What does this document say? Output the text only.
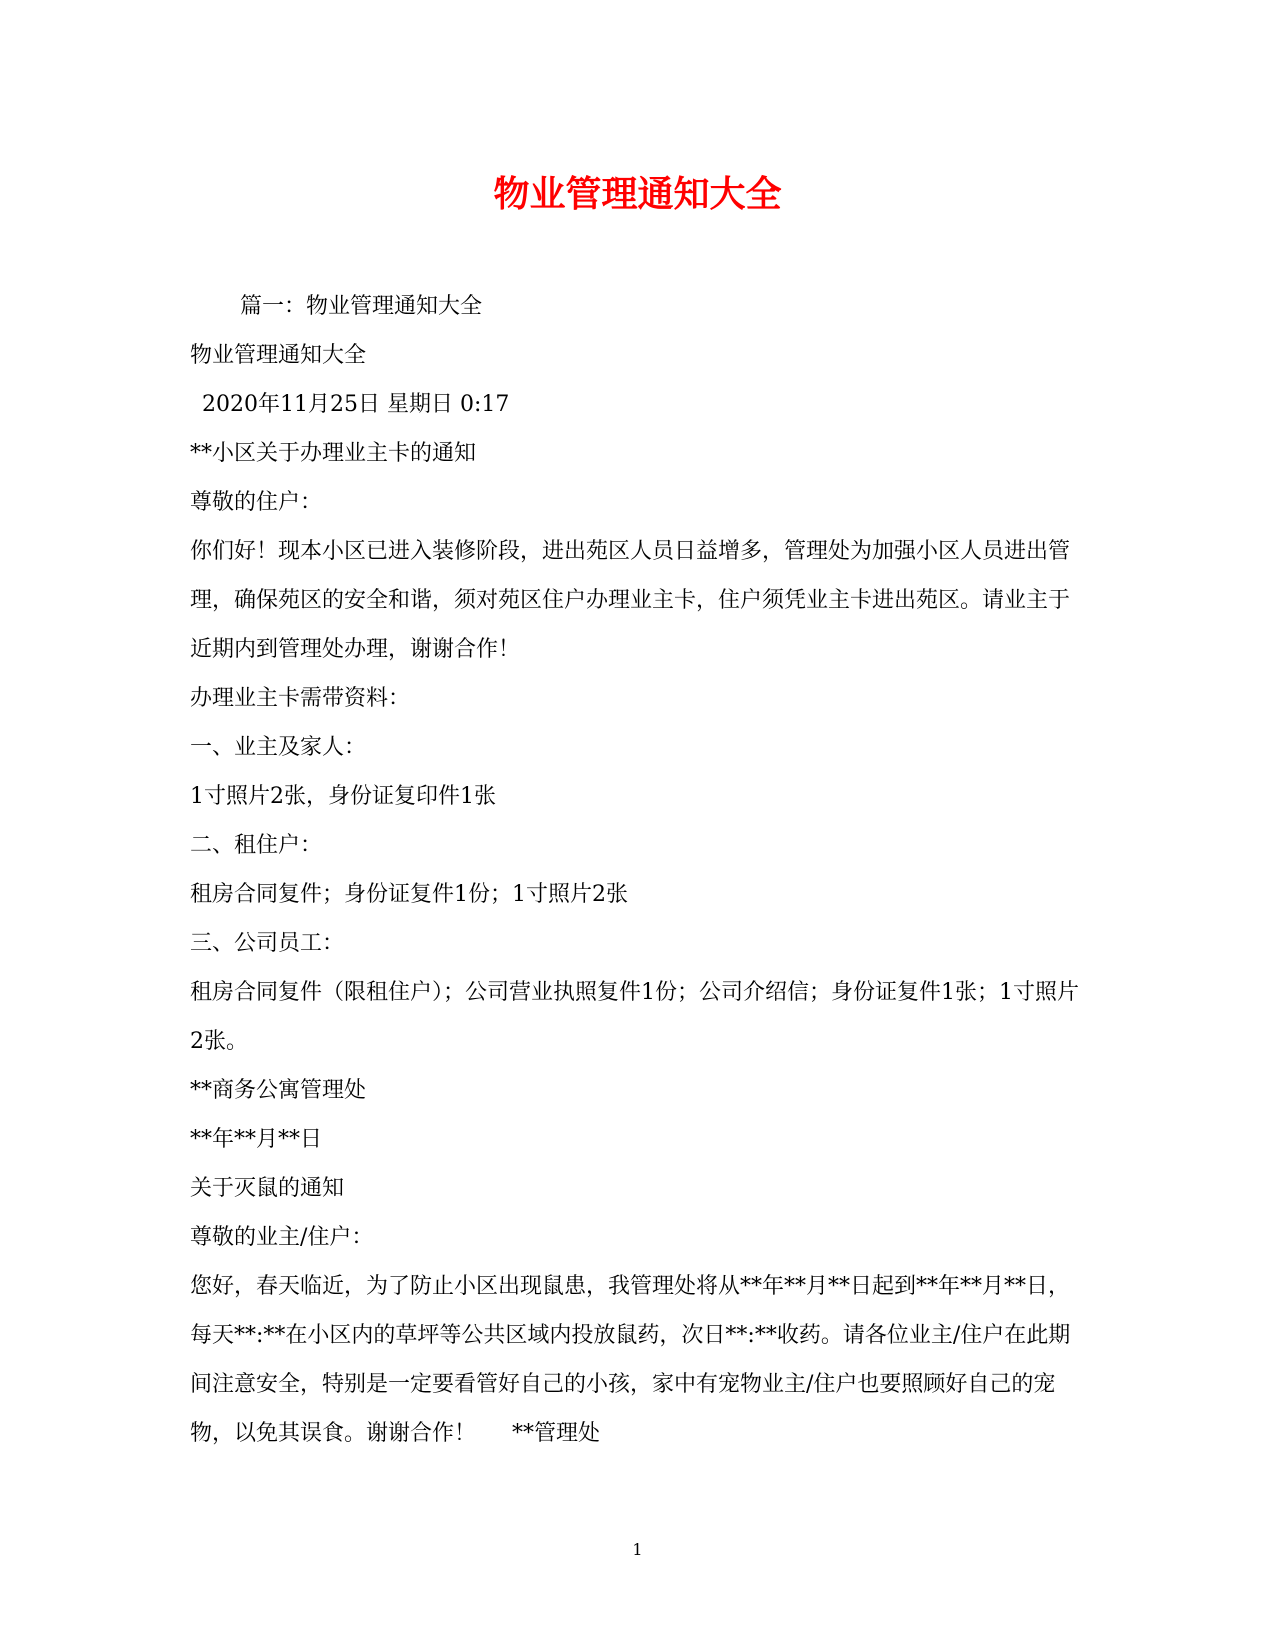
物业管理通知大全

篇一：物业管理通知大全

物业管理通知大全

2020年11月25日 星期日 0:17

**小区关于办理业主卡的通知

尊敬的住户：

你们好！现本小区已进入装修阶段，进出苑区人员日益增多，管理处为加强小区人员进出管理，确保苑区的安全和谐，须对苑区住户办理业主卡，住户须凭业主卡进出苑区。请业主于近期内到管理处办理，谢谢合作！

办理业主卡需带资料：

一、业主及家人：

1寸照片2张，身份证复印件1张

二、租住户：

租房合同复件；身份证复件1份；1寸照片2张

三、公司员工：

租房合同复件（限租住户）；公司营业执照复件1份；公司介绍信；身份证复件1张；1寸照片2张。

**商务公寓管理处

**年**月**日

关于灭鼠的通知

尊敬的业主/住户：

您好，春天临近，为了防止小区出现鼠患，我管理处将从**年**月**日起到**年**月**日，每天**:**在小区内的草坪等公共区域内投放鼠药，次日**:**收药。请各位业主/住户在此期间注意安全，特别是一定要看管好自己的小孩，家中有宠物业主/住户也要照顾好自己的宠物，以免其误食。谢谢合作！ **管理处

1
